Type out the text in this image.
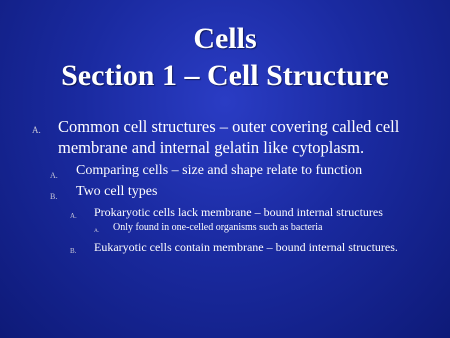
Cells
Section 1 – Cell Structure
A. Common cell structures – outer covering called cell
membrane and internal gelatin like cytoplasm.
A. Comparing cells – size and shape relate to function
B. Two cell types
A. Prokaryotic cells lack membrane – bound internal structures
A. Only found in one-celled organisms such as bacteria
B. Eukaryotic cells contain membrane – bound internal structures.
